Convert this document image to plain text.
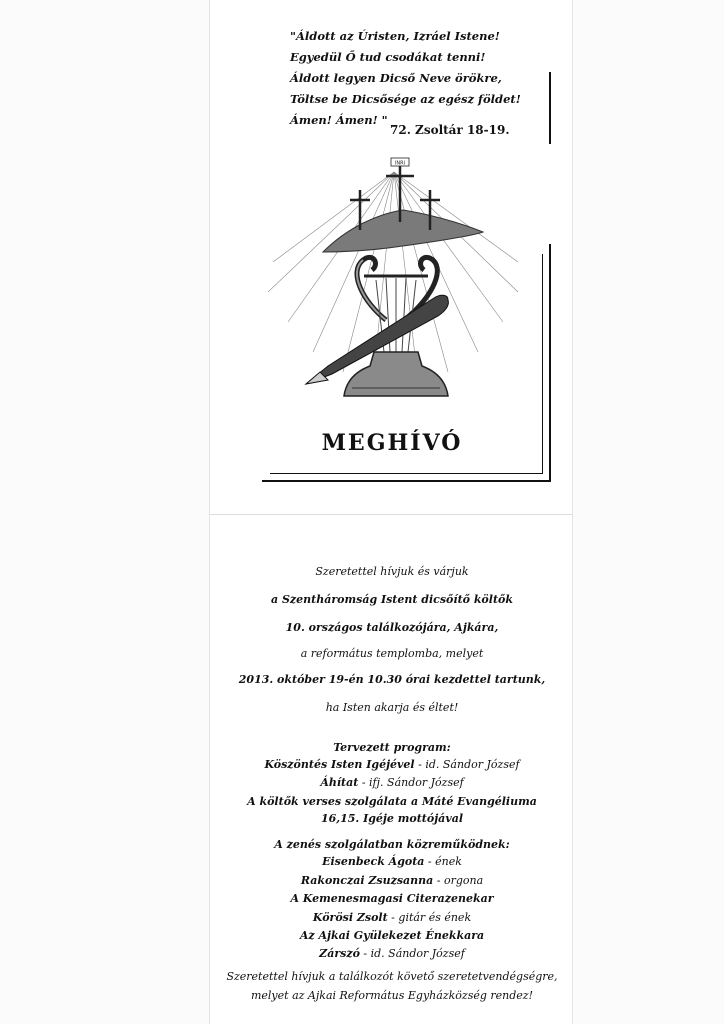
"Áldott az Úristen, Izráel Istene!
Egyedül Ő tud csodákat tenni!
Áldott legyen Dicső Neve örökre,
Töltse be Dicsősége az egész földet!
Ámen! Ámen! "
72. Zsoltár 18-19.
INRI
MEGHÍVÓ
Szeretettel hívjuk és várjuk
a Szentháromság Istent dicsőítő költők
10. országos találkozójára, Ajkára,
a református templomba, melyet
2013. október 19-én 10.30 órai kezdettel tartunk,
ha Isten akarja és éltet!
Tervezett program:
Köszöntés Isten Igéjével - id. Sándor József
Áhítat - ifj. Sándor József
A költők verses szolgálata a Máté Evangéliuma
16,15. Igéje mottójával
A zenés szolgálatban közreműködnek:
Eisenbeck Ágota - ének
Rakonczai Zsuzsanna - orgona
A Kemenesmagasi Citerazenekar
Körösi Zsolt - gitár és ének
Az Ajkai Gyülekezet Énekkara
Zárszó - id. Sándor József
Szeretettel hívjuk a találkozót követő szeretetvendégségre,
melyet az Ajkai Református Egyházközség rendez!
